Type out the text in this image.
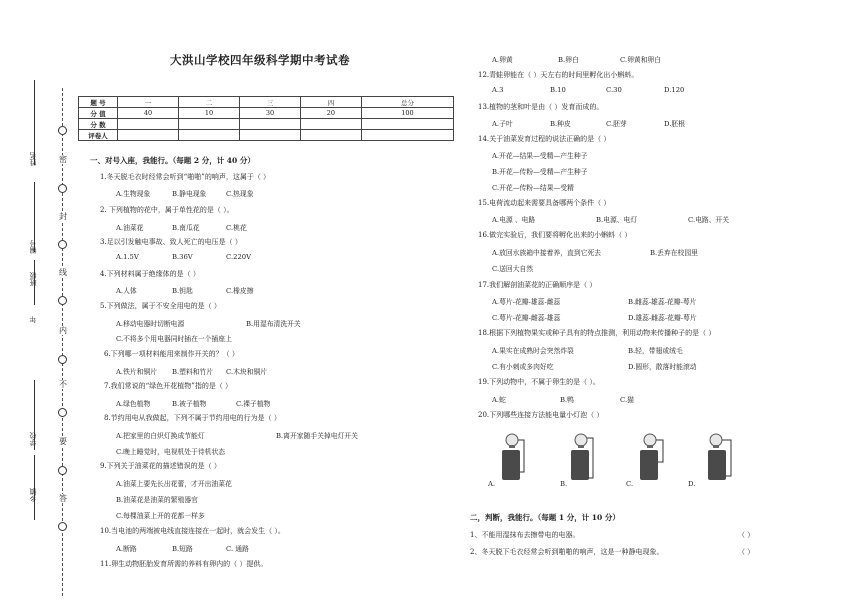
大洪山学校四年级科学期中考试卷
姓名
编号
班级
年
学校
乡镇
密
封
线
内
不
要
答
题 号	一	二	三	四	总分
分 值	40	10	30	20	100
分 数					
评卷人					
一、对号入座，我能行。（每题 2 分，计 40 分）
1.冬天脱毛衣时经常会听到“啪啪”的响声，这属于（ ）
A.生物现象	B.静电现象	C.热现象
2. 下列植物的花中，属于单性花的是（ ）。
A.油菜花	B.南瓜花	C.桃花
3.足以引发触电事故、致人死亡的电压是（ ）
A.1.5V	B.36V	C.220V
4.下列材料属于绝缘体的是（ ）
A.人体	B.钥匙	C.橡皮擦
5.下列做法，属于不安全用电的是（ ）
A.移动电器时切断电源	B.用湿布清洗开关
C.不将多个用电器同时插在一个插座上
6.下列哪一项材料能用来制作开关的？（ ）
A.铁片和铜片 B.塑料和竹片 C.木块和铜片
7.我们常说的“绿色开花植物”指的是（ ）
A.绿色植物	B.被子植物	C.裸子植物
8.节约用电从我做起，下列不属于节约用电的行为是（ ）
A.把家里的白炽灯换成节能灯	B.离开家随手关掉电灯开关
C.晚上睡觉时，电视机处于待机状态
9.下列关于油菜花的描述错误的是（ ）
A.油菜上要先长出花蕾，才开出油菜花
B.油菜花是油菜的繁殖器官
C.每棵油菜上开的花都一样多
10.当电池的两端被电线直接连接在一起时，就会发生（ ）。
A.断路	B.短路	C. 通路
11.卵生动物胚胎发育所需的养料有卵内的（ ）提供。
A.卵黄	B.卵白	C.卵黄和卵白
12.青蛙卵能在（ ）天左右的时间里孵化出小蝌蚪。
A.3	B.10	C.30	D.120
13.植物的茎和叶是由（ ）发育而成的。
A.子叶	B.种皮	C.胚芽	D.胚根
14.关于油菜发育过程的说法正确的是（ ）
A.开花—结果—受精—产生种子
B.开花—传粉—受精—产生种子
C.开花—传粉—结果—受精
15.电荷流动起来需要具备哪两个条件（ ）
A.电源 、电路	B.电源、电灯	C.电路、开关
16.做完实验后，我们要将孵化出来的小蝌蚪（ ）
A.放回水族箱中接着养，直到它死去	B.丢弃在校园里
C.送回大自然
17.我们解剖油菜花的正确顺序是（ ）
A.萼片-花瓣-雄蕊-雌蕊	B.雌蕊-雄蕊-花瓣-萼片
C.萼片-花瓣-雌蕊-雄蕊	D.雄蕊-雌蕊-花瓣-萼片
18.根据下列植物果实或种子具有的特点推测，利用动物来传播种子的是（ ）
A.果实在成熟时会突然炸裂	B.轻，带翅或绒毛
C.有小刺或多肉好吃	D.圆形，散落时能滚动
19.下列动物中，不属于卵生的是（ ）。
A.蛇	B.鸭	C.猫
20.下列哪些连接方法能电量小灯泡（ ）
A.	B.	C.	D.
二，判断，我能行。（每题 1 分，计 10 分）
1、不能用湿抹布去擦带电的电器。	（ ）
2、冬天脱下毛衣经常会听到啪啪的响声，这是一种静电现象。	（ ）
